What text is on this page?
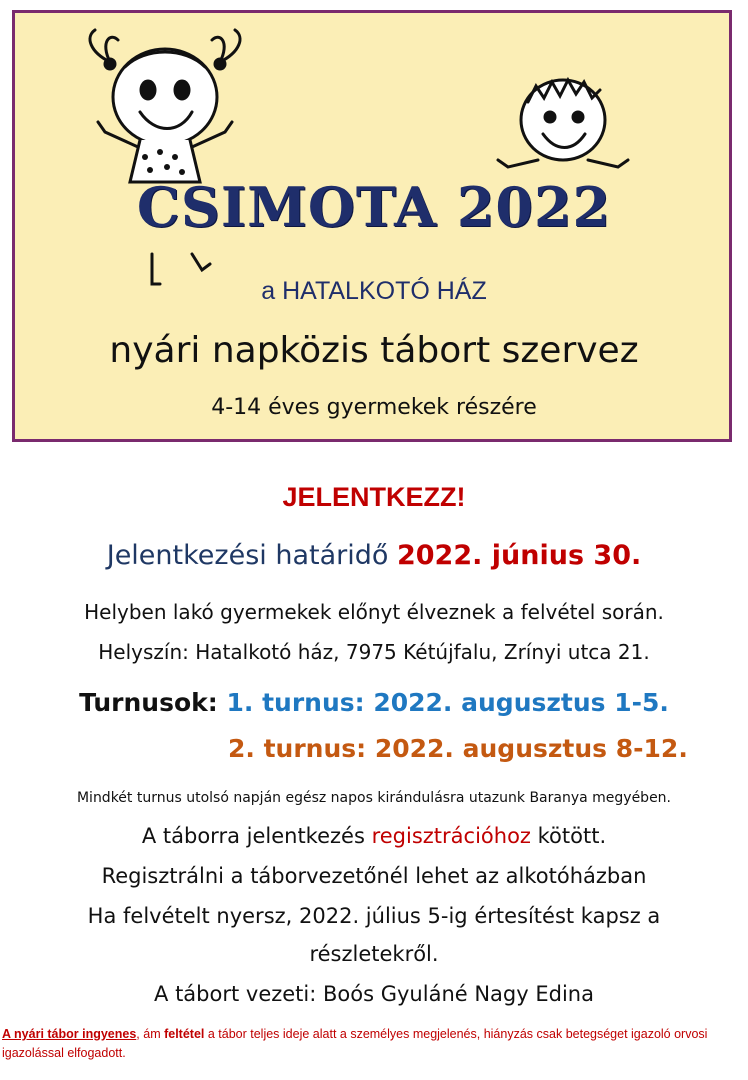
CSIMOTA 2022
a HATALKOTÓ HÁZ
nyári napközis tábort szervez
4-14 éves gyermekek részére
JELENTKEZZ!
Jelentkezési határidő 2022. június 30.
Helyben lakó gyermekek előnyt élveznek a felvétel során.
Helyszín: Hatalkotó ház, 7975 Kétújfalu, Zrínyi utca 21.
Turnusok: 1. turnus: 2022. augusztus 1-5.
2. turnus: 2022. augusztus 8-12.
Mindkét turnus utolsó napján egész napos kirándulásra utazunk Baranya megyében.
A táborra jelentkezés regisztrációhoz kötött.
Regisztrálni a táborvezetőnél lehet az alkotóházban
Ha felvételt nyersz, 2022. július 5-ig értesítést kapsz a
részletekről.
A tábort vezeti: Boós Gyuláné Nagy Edina
A nyári tábor ingyenes, ám feltétel a tábor teljes ideje alatt a személyes megjelenés, hiányzás csak betegséget igazoló orvosi igazolással elfogadott.
